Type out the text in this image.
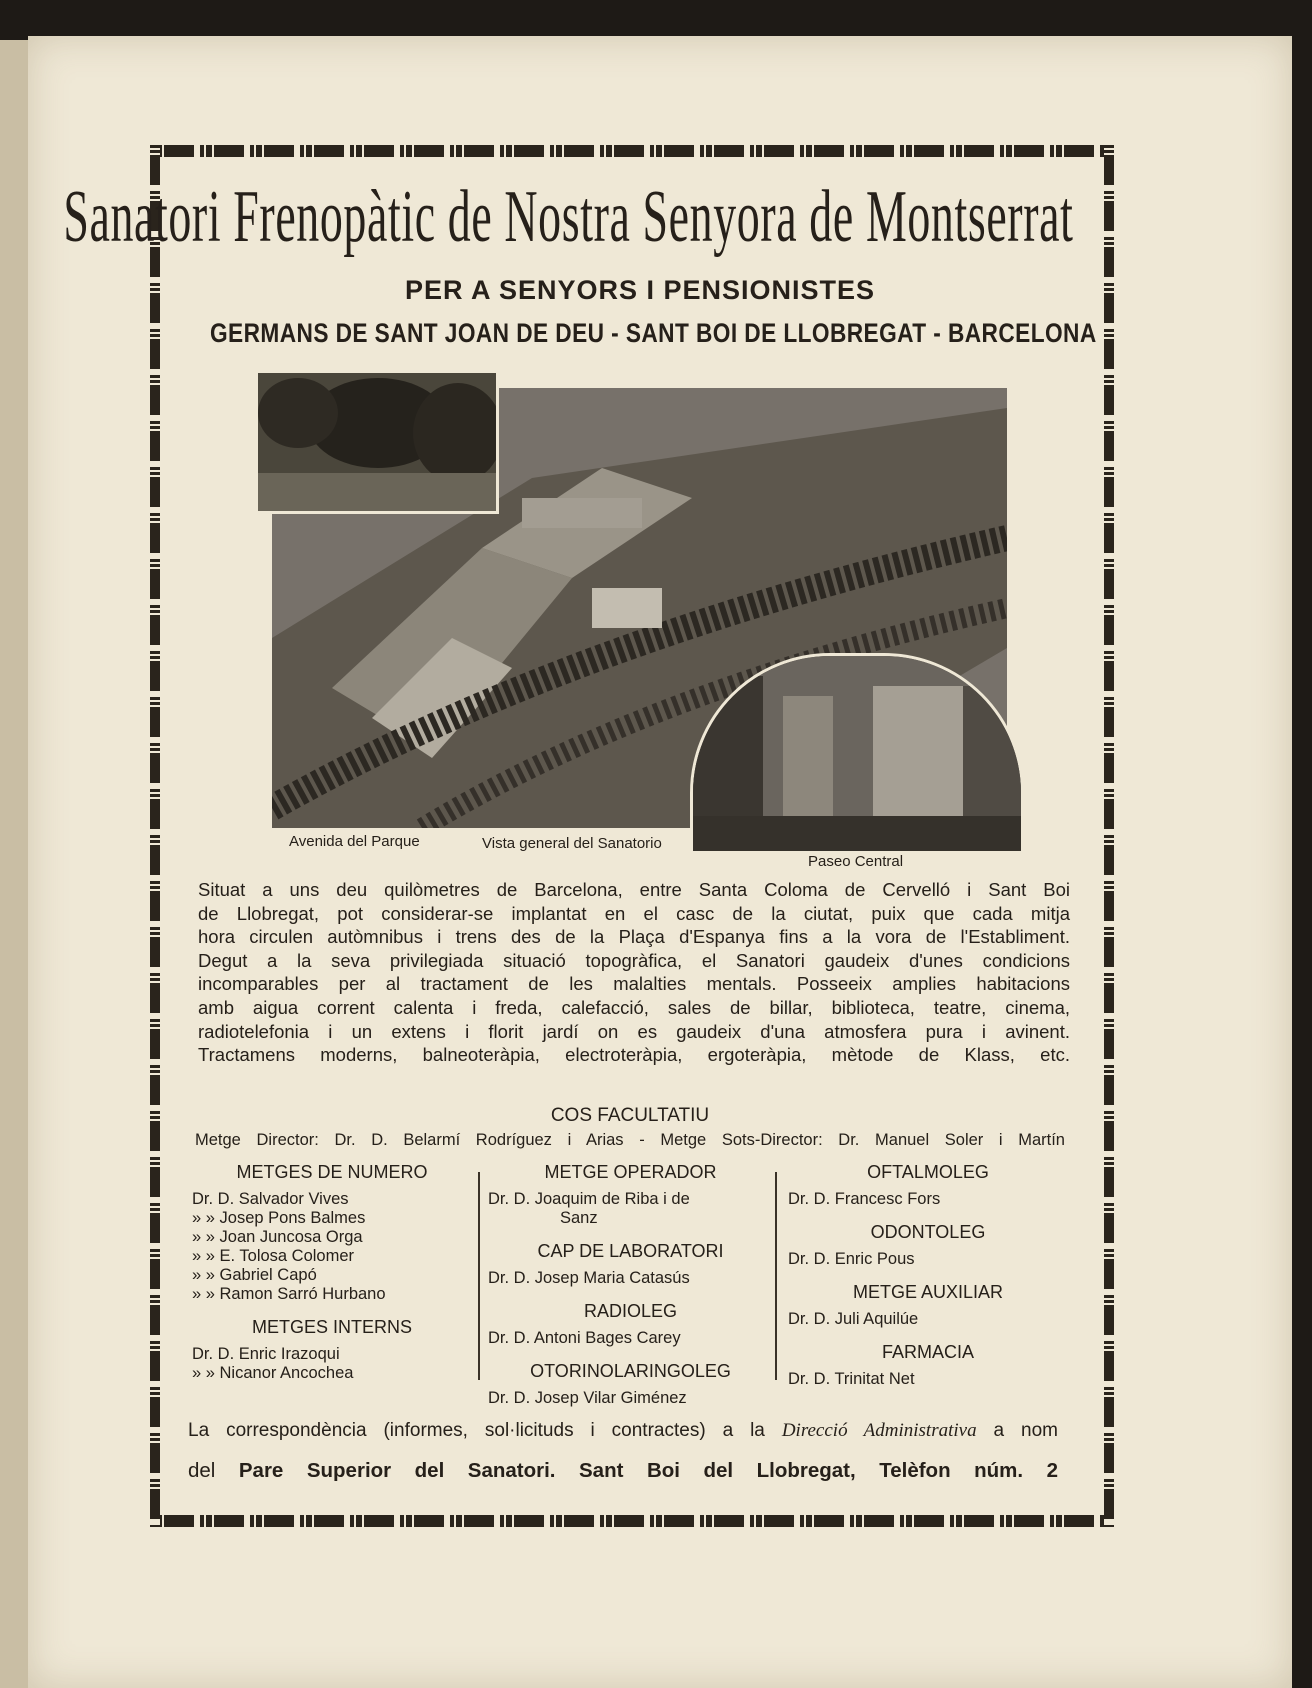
Sanatori Frenopàtic de Nostra Senyora de Montserrat
PER A SENYORS I PENSIONISTES
GERMANS DE SANT JOAN DE DEU - SANT BOI DE LLOBREGAT - BARCELONA
Avenida del Parque	Vista general del Sanatorio
Paseo Central
Situat a uns deu quilòmetres de Barcelona, entre Santa Coloma de Cervelló i Sant Boi
de Llobregat, pot considerar-se implantat en el casc de la ciutat, puix que cada mitja
hora circulen autòmnibus i trens des de la Plaça d'Espanya fins a la vora de l'Establiment.
Degut a la seva privilegiada situació topogràfica, el Sanatori gaudeix d'unes condicions
incomparables per al tractament de les malalties mentals. Posseeix amplies habitacions
amb aigua corrent calenta i freda, calefacció, sales de billar, biblioteca, teatre, cinema,
radiotelefonia i un extens i florit jardí on es gaudeix d'una atmosfera pura i avinent.
Tractamens moderns, balneoteràpia, electroteràpia, ergoteràpia, mètode de Klass, etc.
COS FACULTATIU
Metge Director: Dr. D. Belarmí Rodríguez i Arias - Metge Sots-Director: Dr. Manuel Soler i Martín
METGES DE NUMERO
Dr. D. Salvador Vives
» » Josep Pons Balmes
» » Joan Juncosa Orga
» » E. Tolosa Colomer
» » Gabriel Capó
» » Ramon Sarró Hurbano
METGES INTERNS
Dr. D. Enric Irazoqui
» » Nicanor Ancochea
METGE OPERADOR
Dr. D. Joaquim de Riba i de
Sanz
CAP DE LABORATORI
Dr. D. Josep Maria Catasús
RADIOLEG
Dr. D. Antoni Bages Carey
OTORINOLARINGOLEG
Dr. D. Josep Vilar Giménez
OFTALMOLEG
Dr. D. Francesc Fors
ODONTOLEG
Dr. D. Enric Pous
METGE AUXILIAR
Dr. D. Juli Aquilúe
FARMACIA
Dr. D. Trinitat Net
La correspondència (informes, sol·licituds i contractes) a la Direcció Administrativa a nom
del Pare Superior del Sanatori. Sant Boi del Llobregat, Telèfon núm. 2
